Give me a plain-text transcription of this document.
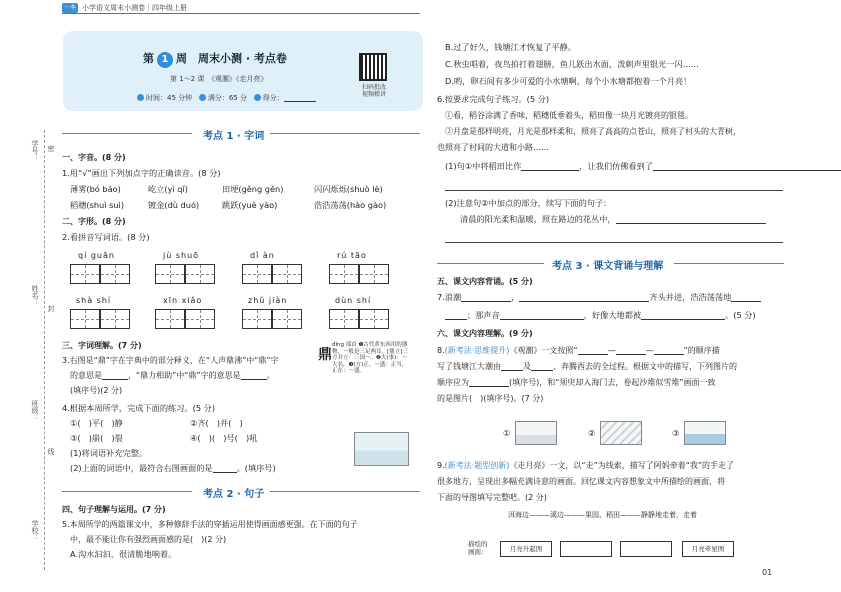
一本 小学语文周末小测卷｜四年级上册
第 1 周　周末小测 · 考点卷
第 1～2 课　《观潮》《走月亮》
时间：45 分钟 满分：65 分 得分：
扫码批改
视频精讲
学号：
姓名：
班级：
学校：
密
封
线
考点 1 · 字词
一、字音。(8 分)
1.用“√”画出下列加点字的正确读音。(8 分)
薄雾(bó báo)	屹立(yì qǐ)	田埂(gěng gěn)	闪闪烁烁(shuò lè)
稻穗(shuì suì)	镀金(dù duó)	跳跃(yuè yào)	浩浩荡荡(hào gào)
二、字形。(8 分)
2.看拼音写词语。(8 分)
qí guān	jù shuō	dǐ àn	rú tāo
shà shí	xīn xiǎo	zhǔ jiàn	dùn shí
三、字词理解。(7 分)
3.右图是“鼎”字在字典中的部分释义，在“人声鼎沸”中“鼎”字
的意思是	，“鼎力相助”中“鼎”字的意思是	。
(填序号)(2 分)
鼎
dǐng 部首 ❶古代煮东西用的器物，一般是三足两耳。[鼎立]三方并立：三国～。❷大(事)：～大名。❸(方)正。～盛：正当，正在：～盛。
4.根据本周所学，完成下面的练习。(5 分)
①(　)平(　)静	②齐(　)并(　)
③(　)崩(　)裂	④(　)(　)号(　)吼
(1)将词语补充完整。
(2)上面的词语中，最符合右图画面的是	。(填序号)
考点 2 · 句子
四、句子理解与运用。(7 分)
5.本周所学的两篇课文中，多种修辞手法的穿插运用使得画面感更强。在下面的句子
中，最不能让你有强烈画面感的是(　)(2 分)
A.沟水汩汩，很清脆地响着。
B.过了好久，钱塘江才恢复了平静。
C.秋虫唱着，夜鸟拍打着翅膀，鱼儿跃出水面，泼刺声里银光一闪……
D.哟，卵石间有多少可爱的小水塘啊，每个小水塘都抱着一个月亮！
6.按要求完成句子练习。(5 分)
①看，稻谷涂满了香味，稻穗低垂着头，稻田像一块月光镀亮的银毯。
②月盘是那样明亮，月光是那样柔和，照亮了高高的点苍山，照亮了村头的大青树，
也照亮了村间的大道和小路……
(1)句①中将稻田比作	，让我们仿佛看到了
(2)注意句②中加点的部分，续写下面的句子：
清晨的阳光柔和温暖，照在路边的花丛中，
考点 3 · 课文背诵与理解
五、课文内容背诵。(5 分)
7.浪潮	，	齐头并进，浩浩荡荡地
；那声音	，好像大地都被	。(5 分)
六、课文内容理解。(9 分)
8.(新考法·思维提升)《观潮》一文按照“	—	—	”的顺序描
写了钱塘江大潮由	及	、奔腾西去的全过程。根据文中的描写，下列图片的
顺序应为	(填序号)，和“须臾却入海门去，卷起沙堆似雪堆”画面一致
的是图片(　)(填序号)。(7 分)
①	②	③
9.(新考法·题型创新)《走月亮》一文，以“走”为线索，描写了阿妈牵着“我”的手走了
很多地方，呈现出多幅充满诗意的画面。回忆课文内容想象文中所描绘的画面，将
下面的导图填写完整吧。(2 分)
洱海边———溪边———果园、稻田———静静地走着，走着
描绘的
画面：	月亮升起图	月亮牵星图
01
